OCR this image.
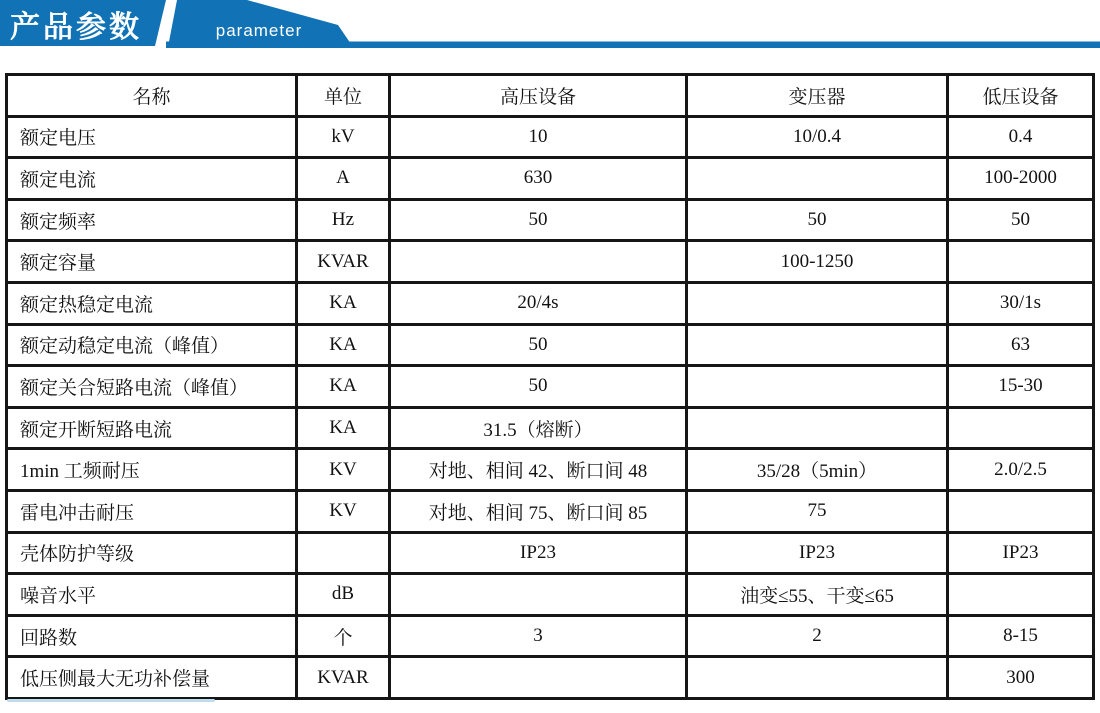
产品参数	parameter
名称	单位	高压设备	变压器	低压设备
额定电压	kV	10	10/0.4	0.4
额定电流	A	630		100-2000
额定频率	Hz	50	50	50
额定容量	KVAR		100-1250	
额定热稳定电流	KA	20/4s		30/1s
额定动稳定电流（峰值）	KA	50		63
额定关合短路电流（峰值）	KA	50		15-30
额定开断短路电流	KA	31.5（熔断）		
1min 工频耐压	KV	对地、相间 42、断口间 48	35/28（5min）	2.0/2.5
雷电冲击耐压	KV	对地、相间 75、断口间 85	75	
壳体防护等级		IP23	IP23	IP23
噪音水平	dB		油变≤55、干变≤65	
回路数	个	3	2	8-15
低压侧最大无功补偿量	KVAR			300
